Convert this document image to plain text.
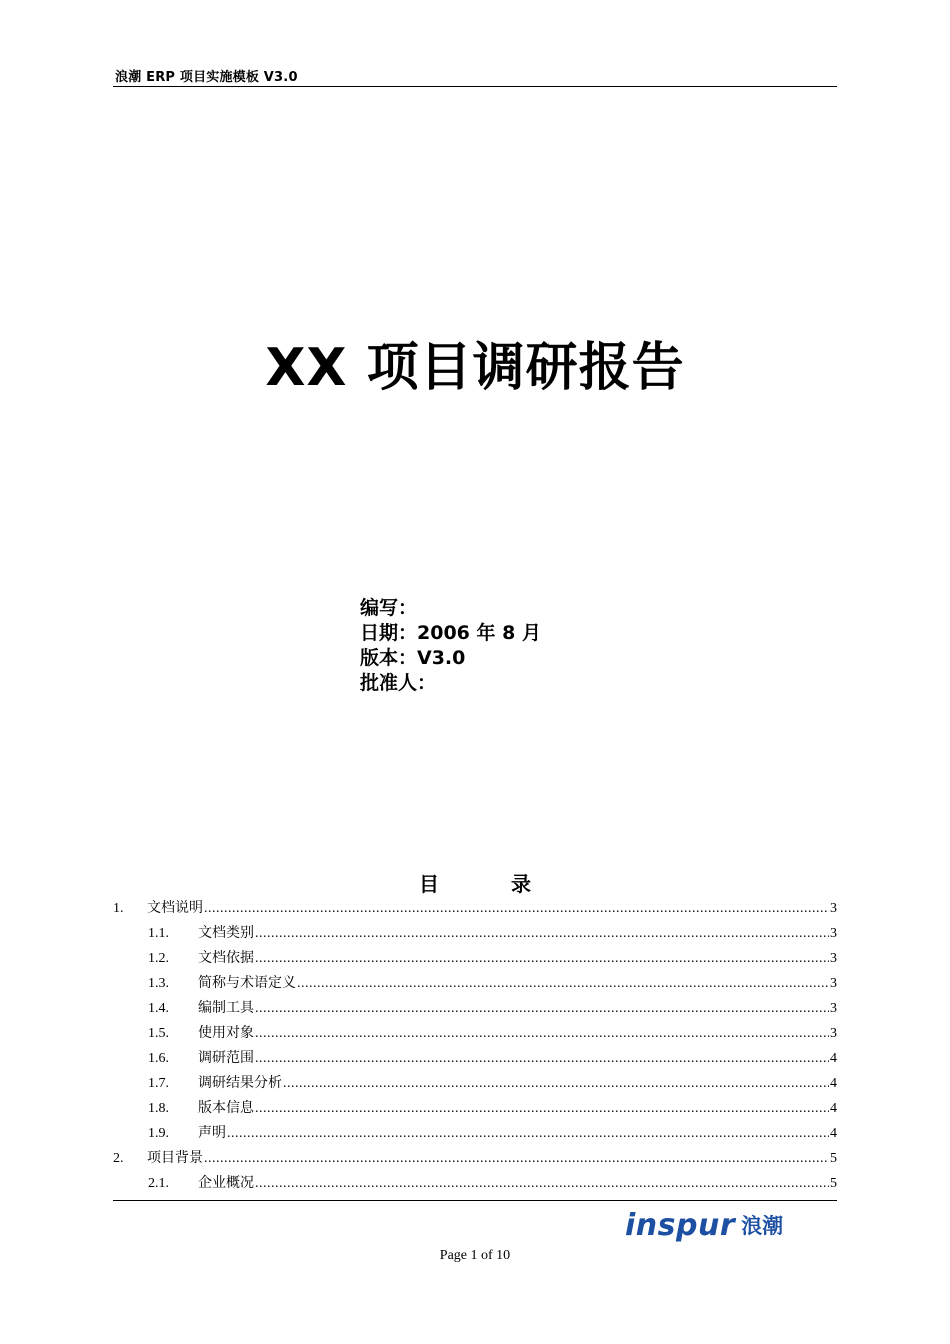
浪潮 ERP 项目实施模板 V3.0
XX 项目调研报告
编写：
日期：2006 年 8 月
版本：V3.0
批准人：
目	录
1.	文档说明 .....	3
1.1.	文档类别 .....	3
1.2.	文档依据 .....	3
1.3.	简称与术语定义 .....	3
1.4.	编制工具 .....	3
1.5.	使用对象 .....	3
1.6.	调研范围 .....	4
1.7.	调研结果分析 .....	4
1.8.	版本信息 .....	4
1.9.	声明 .....	4
2.	项目背景 .....	5
2.1.	企业概况 .....	5
inspur 浪潮
Page 1 of 10
